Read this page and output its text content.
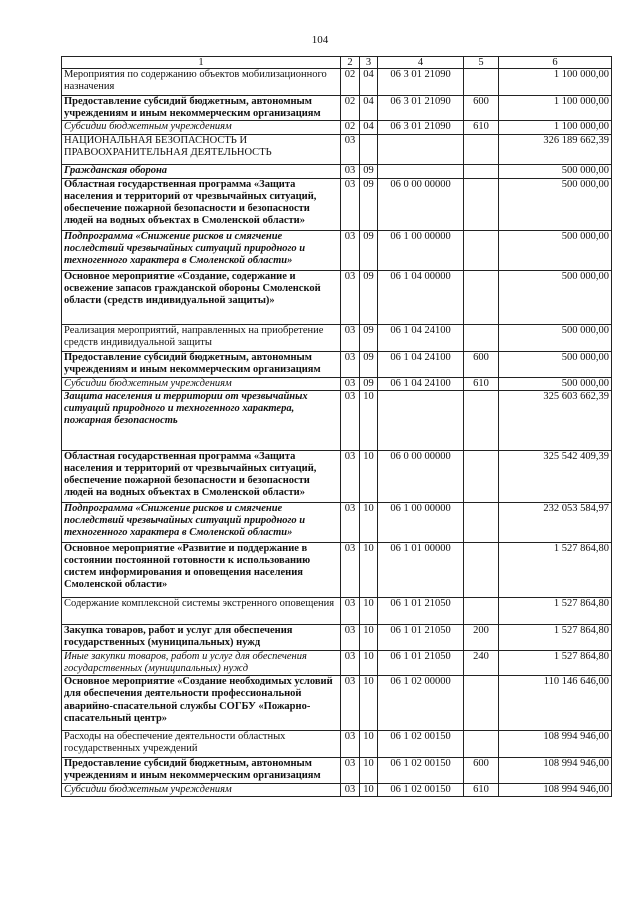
104
1	2	3	4	5	6
Мероприятия по содержанию объектов мобилизационного назначения	02	04	06 3 01 21090		1 100 000,00
Предоставление субсидий бюджетным, автономным учреждениям и иным некоммерческим организациям	02	04	06 3 01 21090	600	1 100 000,00
Субсидии бюджетным учреждениям	02	04	06 3 01 21090	610	1 100 000,00
НАЦИОНАЛЬНАЯ БЕЗОПАСНОСТЬ И ПРАВООХРАНИТЕЛЬНАЯ ДЕЯТЕЛЬНОСТЬ	03				326 189 662,39
Гражданская оборона	03	09			500 000,00
Областная государственная программа «Защита населения и территорий от чрезвычайных ситуаций, обеспечение пожарной безопасности и безопасности людей на водных объектах в Смоленской области»	03	09	06 0 00 00000		500 000,00
Подпрограмма «Снижение рисков и смягчение последствий чрезвычайных ситуаций природного и техногенного характера в Смоленской области»	03	09	06 1 00 00000		500 000,00
Основное мероприятие «Создание, содержание и освежение запасов гражданской обороны Смоленской области (средств индивидуальной защиты)»	03	09	06 1 04 00000		500 000,00
Реализация мероприятий, направленных на приобретение средств индивидуальной защиты	03	09	06 1 04 24100		500 000,00
Предоставление субсидий бюджетным, автономным учреждениям и иным некоммерческим организациям	03	09	06 1 04 24100	600	500 000,00
Субсидии бюджетным учреждениям	03	09	06 1 04 24100	610	500 000,00
Защита населения и территории от чрезвычайных ситуаций природного и техногенного характера, пожарная безопасность	03	10			325 603 662,39
Областная государственная программа «Защита населения и территорий от чрезвычайных ситуаций, обеспечение пожарной безопасности и безопасности людей на водных объектах в Смоленской области»	03	10	06 0 00 00000		325 542 409,39
Подпрограмма «Снижение рисков и смягчение последствий чрезвычайных ситуаций природного и техногенного характера в Смоленской области»	03	10	06 1 00 00000		232 053 584,97
Основное мероприятие «Развитие и поддержание в состоянии постоянной готовности к использованию систем информирования и оповещения населения Смоленской области»	03	10	06 1 01 00000		1 527 864,80
Содержание комплексной системы экстренного оповещения	03	10	06 1 01 21050		1 527 864,80
Закупка товаров, работ и услуг для обеспечения государственных (муниципальных) нужд	03	10	06 1 01 21050	200	1 527 864,80
Иные закупки товаров, работ и услуг для обеспечения государственных (муниципальных) нужд	03	10	06 1 01 21050	240	1 527 864,80
Основное мероприятие «Создание необходимых условий для обеспечения деятельности профессиональной аварийно-спасательной службы СОГБУ «Пожарно-спасательный центр»	03	10	06 1 02 00000		110 146 646,00
Расходы на обеспечение деятельности областных государственных учреждений	03	10	06 1 02 00150		108 994 946,00
Предоставление субсидий бюджетным, автономным учреждениям и иным некоммерческим организациям	03	10	06 1 02 00150	600	108 994 946,00
Субсидии бюджетным учреждениям	03	10	06 1 02 00150	610	108 994 946,00
